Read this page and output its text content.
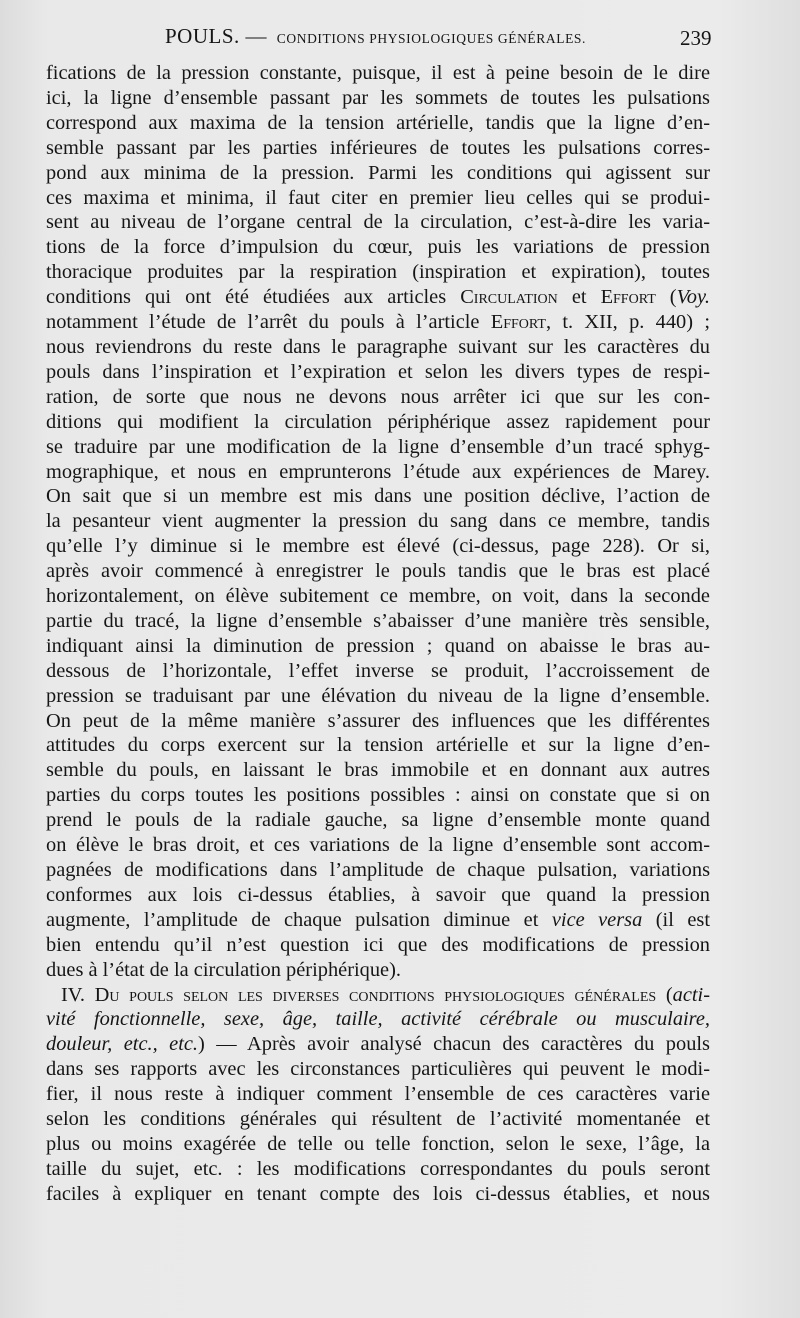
POULS. — CONDITIONS PHYSIOLOGIQUES GÉNÉRALES.	239
fications de la pression constante, puisque, il est à peine besoin de le dire
ici, la ligne d’ensemble passant par les sommets de toutes les pulsations
correspond aux maxima de la tension artérielle, tandis que la ligne d’en-
semble passant par les parties inférieures de toutes les pulsations corres-
pond aux minima de la pression. Parmi les conditions qui agissent sur
ces maxima et minima, il faut citer en premier lieu celles qui se produi-
sent au niveau de l’organe central de la circulation, c’est-à-dire les varia-
tions de la force d’impulsion du cœur, puis les variations de pression
thoracique produites par la respiration (inspiration et expiration), toutes
conditions qui ont été étudiées aux articles Circulation et Effort (Voy.
notamment l’étude de l’arrêt du pouls à l’article Effort, t. XII, p. 440) ;
nous reviendrons du reste dans le paragraphe suivant sur les caractères du
pouls dans l’inspiration et l’expiration et selon les divers types de respi-
ration, de sorte que nous ne devons nous arrêter ici que sur les con-
ditions qui modifient la circulation périphérique assez rapidement pour
se traduire par une modification de la ligne d’ensemble d’un tracé sphyg-
mographique, et nous en emprunterons l’étude aux expériences de Marey.
On sait que si un membre est mis dans une position déclive, l’action de
la pesanteur vient augmenter la pression du sang dans ce membre, tandis
qu’elle l’y diminue si le membre est élevé (ci-dessus, page 228). Or si,
après avoir commencé à enregistrer le pouls tandis que le bras est placé
horizontalement, on élève subitement ce membre, on voit, dans la seconde
partie du tracé, la ligne d’ensemble s’abaisser d’une manière très sensible,
indiquant ainsi la diminution de pression ; quand on abaisse le bras au-
dessous de l’horizontale, l’effet inverse se produit, l’accroissement de
pression se traduisant par une élévation du niveau de la ligne d’ensemble.
On peut de la même manière s’assurer des influences que les différentes
attitudes du corps exercent sur la tension artérielle et sur la ligne d’en-
semble du pouls, en laissant le bras immobile et en donnant aux autres
parties du corps toutes les positions possibles : ainsi on constate que si on
prend le pouls de la radiale gauche, sa ligne d’ensemble monte quand
on élève le bras droit, et ces variations de la ligne d’ensemble sont accom-
pagnées de modifications dans l’amplitude de chaque pulsation, variations
conformes aux lois ci-dessus établies, à savoir que quand la pression
augmente, l’amplitude de chaque pulsation diminue et vice versa (il est
bien entendu qu’il n’est question ici que des modifications de pression
dues à l’état de la circulation périphérique).
IV. Du pouls selon les diverses conditions physiologiques générales (acti-
vité fonctionnelle, sexe, âge, taille, activité cérébrale ou musculaire,
douleur, etc., etc.) — Après avoir analysé chacun des caractères du pouls
dans ses rapports avec les circonstances particulières qui peuvent le modi-
fier, il nous reste à indiquer comment l’ensemble de ces caractères varie
selon les conditions générales qui résultent de l’activité momentanée et
plus ou moins exagérée de telle ou telle fonction, selon le sexe, l’âge, la
taille du sujet, etc. : les modifications correspondantes du pouls seront
faciles à expliquer en tenant compte des lois ci-dessus établies, et nous
